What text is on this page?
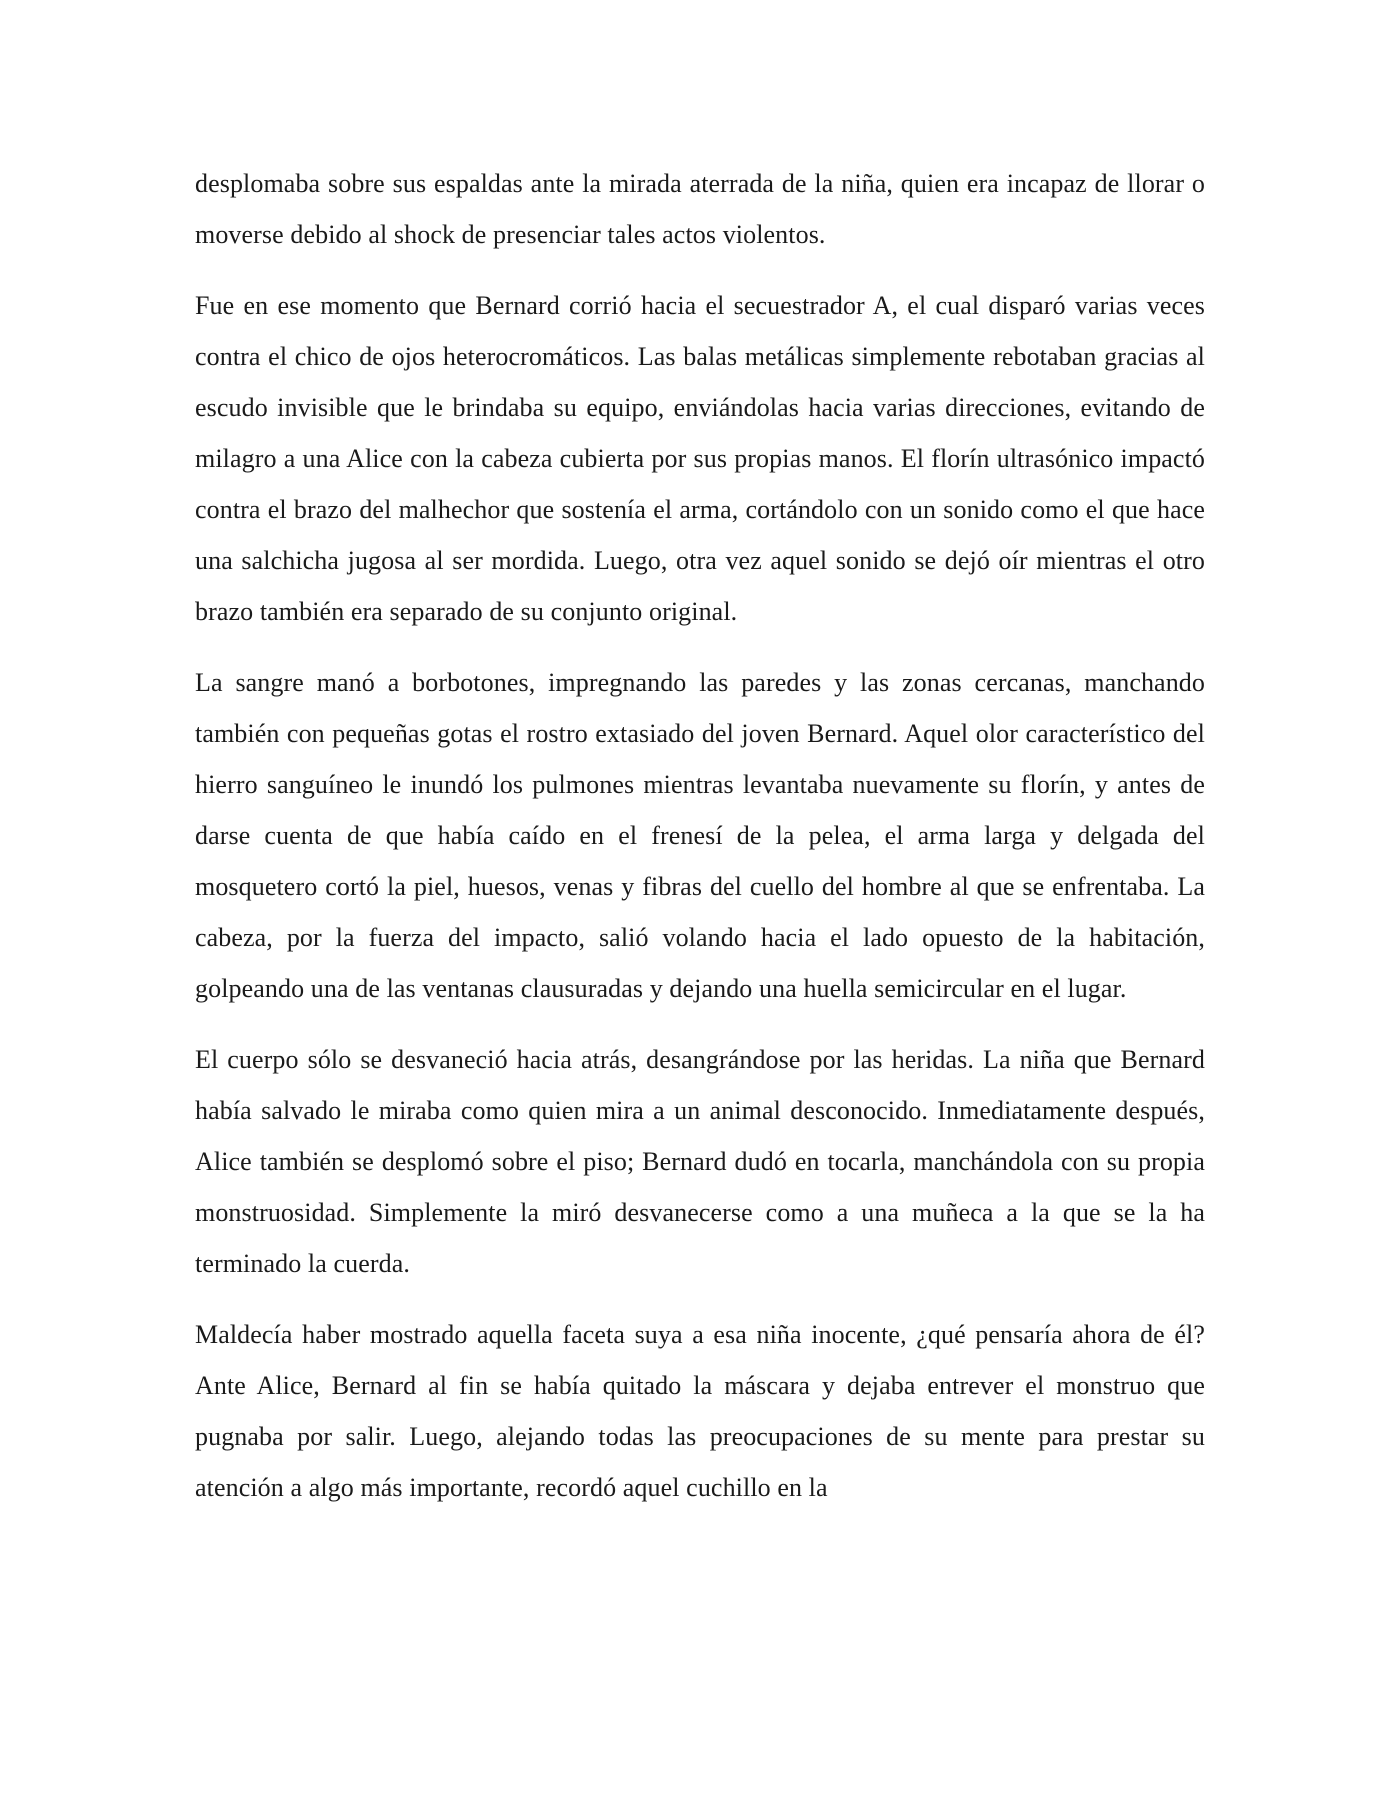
desplomaba sobre sus espaldas ante la mirada aterrada de la niña, quien era incapaz de llorar o moverse debido al shock de presenciar tales actos violentos.

Fue en ese momento que Bernard corrió hacia el secuestrador A, el cual disparó varias veces contra el chico de ojos heterocromáticos. Las balas metálicas simplemente rebotaban gracias al escudo invisible que le brindaba su equipo, enviándolas hacia varias direcciones, evitando de milagro a una Alice con la cabeza cubierta por sus propias manos. El florín ultrasónico impactó contra el brazo del malhechor que sostenía el arma, cortándolo con un sonido como el que hace una salchicha jugosa al ser mordida. Luego, otra vez aquel sonido se dejó oír mientras el otro brazo también era separado de su conjunto original.

La sangre manó a borbotones, impregnando las paredes y las zonas cercanas, manchando también con pequeñas gotas el rostro extasiado del joven Bernard. Aquel olor característico del hierro sanguíneo le inundó los pulmones mientras levantaba nuevamente su florín, y antes de darse cuenta de que había caído en el frenesí de la pelea, el arma larga y delgada del mosquetero cortó la piel, huesos, venas y fibras del cuello del hombre al que se enfrentaba. La cabeza, por la fuerza del impacto, salió volando hacia el lado opuesto de la habitación, golpeando una de las ventanas clausuradas y dejando una huella semicircular en el lugar.

El cuerpo sólo se desvaneció hacia atrás, desangrándose por las heridas. La niña que Bernard había salvado le miraba como quien mira a un animal desconocido. Inmediatamente después, Alice también se desplomó sobre el piso; Bernard dudó en tocarla, manchándola con su propia monstruosidad. Simplemente la miró desvanecerse como a una muñeca a la que se la ha terminado la cuerda.

Maldecía haber mostrado aquella faceta suya a esa niña inocente, ¿qué pensaría ahora de él? Ante Alice, Bernard al fin se había quitado la máscara y dejaba entrever el monstruo que pugnaba por salir. Luego, alejando todas las preocupaciones de su mente para prestar su atención a algo más importante, recordó aquel cuchillo en la
